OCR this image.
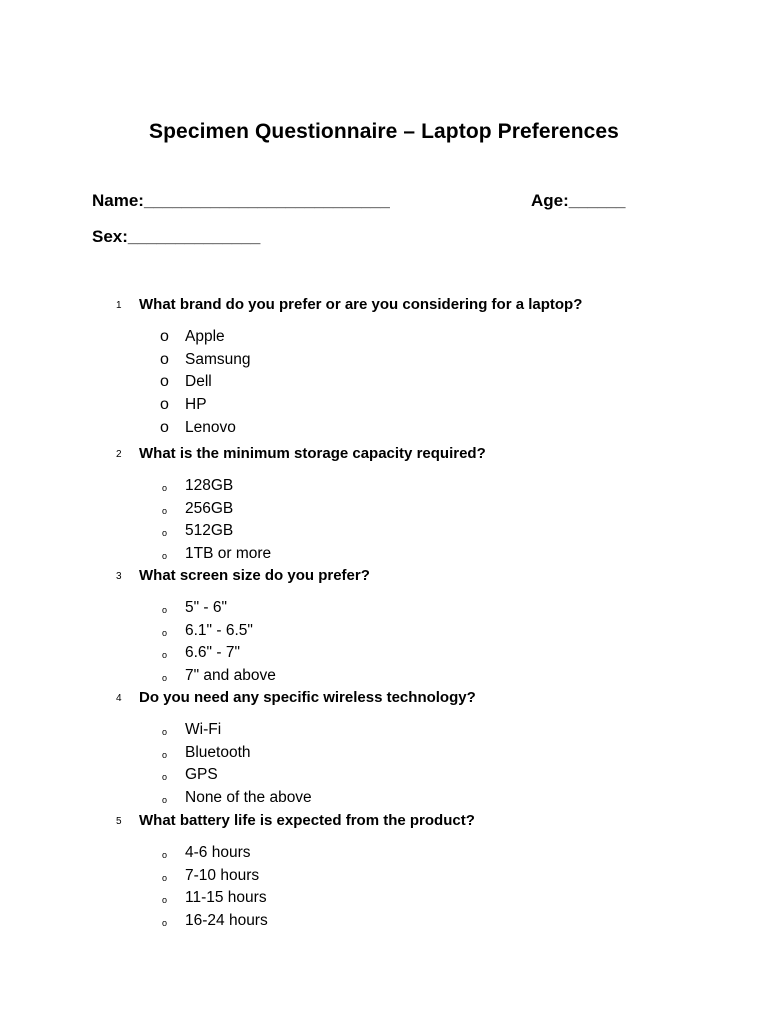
Specimen Questionnaire – Laptop Preferences
Name:__________________________	Age:______
Sex:______________
1 What brand do you prefer or are you considering for a laptop?
o Apple
o Samsung
o Dell
o HP
o Lenovo
2 What is the minimum storage capacity required?
o 128GB
o 256GB
o 512GB
o 1TB or more
3 What screen size do you prefer?
o 5" - 6"
o 6.1" - 6.5"
o 6.6" - 7"
o 7" and above
4 Do you need any specific wireless technology?
o Wi-Fi
o Bluetooth
o GPS
o None of the above
5 What battery life is expected from the product?
o 4-6 hours
o 7-10 hours
o 11-15 hours
o 16-24 hours
